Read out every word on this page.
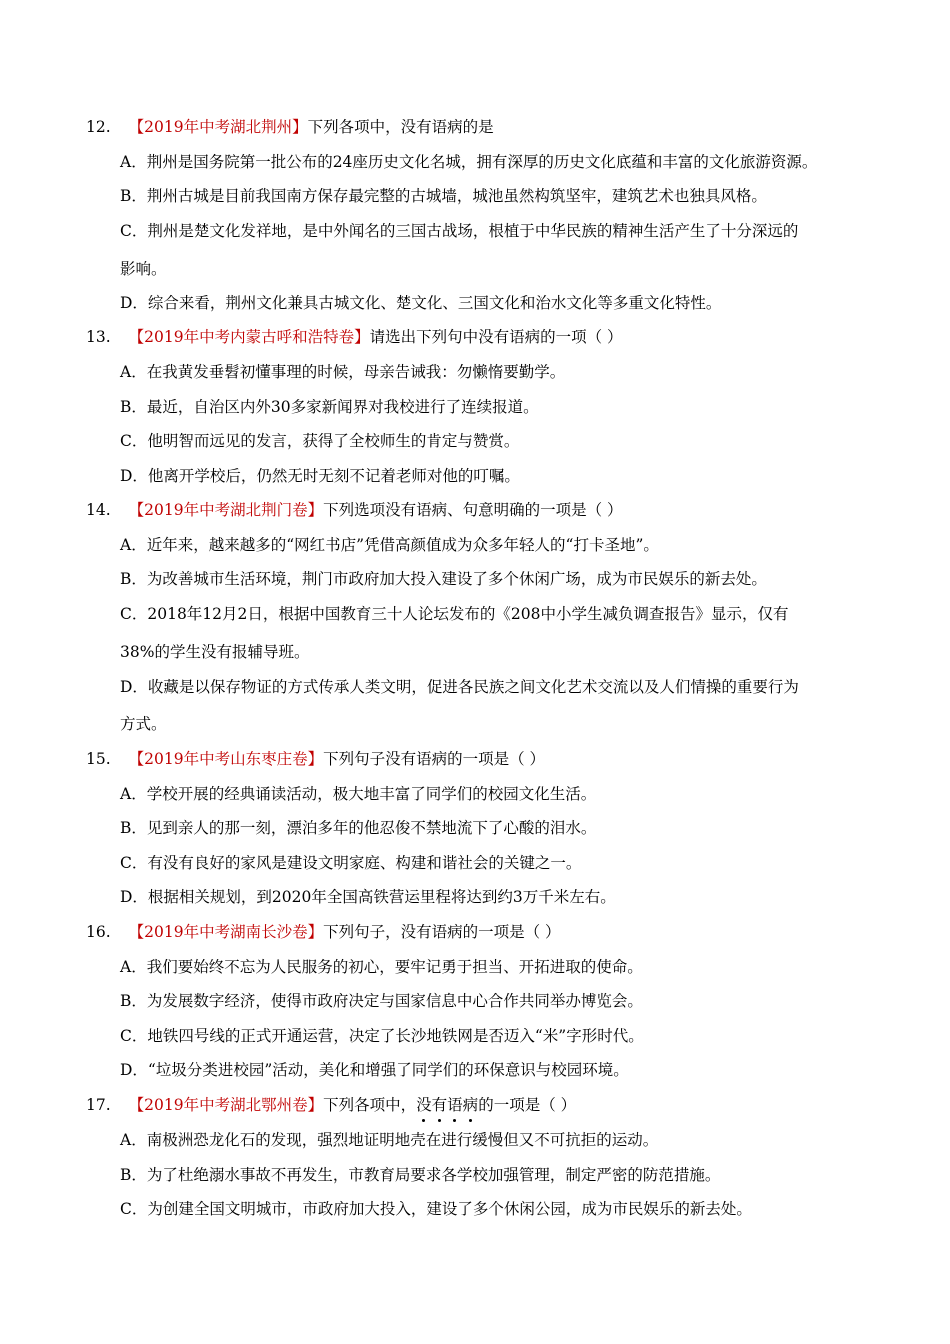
12. 【2019年中考湖北荆州】下列各项中，没有语病的是
A．荆州是国务院第一批公布的24座历史文化名城，拥有深厚的历史文化底蕴和丰富的文化旅游资源。
B．荆州古城是目前我国南方保存最完整的古城墙，城池虽然构筑坚牢，建筑艺术也独具风格。
C．荆州是楚文化发祥地，是中外闻名的三国古战场，根植于中华民族的精神生活产生了十分深远的
影响。
D．综合来看，荆州文化兼具古城文化、楚文化、三国文化和治水文化等多重文化特性。
13. 【2019年中考内蒙古呼和浩特卷】请选出下列句中没有语病的一项（ ）
A．在我黄发垂髫初懂事理的时候，母亲告诫我：勿懒惰要勤学。
B．最近，自治区内外30多家新闻界对我校进行了连续报道。
C．他明智而远见的发言，获得了全校师生的肯定与赞赏。
D．他离开学校后，仍然无时无刻不记着老师对他的叮嘱。
14. 【2019年中考湖北荆门卷】下列选项没有语病、句意明确的一项是（ ）
A．近年来，越来越多的“网红书店”凭借高颜值成为众多年轻人的“打卡圣地”。
B．为改善城市生活环境，荆门市政府加大投入建设了多个休闲广场，成为市民娱乐的新去处。
C．2018年12月2日，根据中国教育三十人论坛发布的《208中小学生减负调查报告》显示，仅有
38%的学生没有报辅导班。
D．收藏是以保存物证的方式传承人类文明，促进各民族之间文化艺术交流以及人们情操的重要行为
方式。
15. 【2019年中考山东枣庄卷】下列句子没有语病的一项是（ ）
A．学校开展的经典诵读活动，极大地丰富了同学们的校园文化生活。
B．见到亲人的那一刻，漂泊多年的他忍俊不禁地流下了心酸的泪水。
C．有没有良好的家风是建设文明家庭、构建和谐社会的关键之一。
D．根据相关规划，到2020年全国高铁营运里程将达到约3万千米左右。
16. 【2019年中考湖南长沙卷】下列句子，没有语病的一项是（ ）
A．我们要始终不忘为人民服务的初心，要牢记勇于担当、开拓进取的使命。
B．为发展数字经济，使得市政府决定与国家信息中心合作共同举办博览会。
C．地铁四号线的正式开通运营，决定了长沙地铁网是否迈入“米”字形时代。
D．“垃圾分类进校园”活动，美化和增强了同学们的环保意识与校园环境。
17. 【2019年中考湖北鄂州卷】下列各项中，没有语病的一项是（ ）
A．南极洲恐龙化石的发现，强烈地证明地壳在进行缓慢但又不可抗拒的运动。
B．为了杜绝溺水事故不再发生，市教育局要求各学校加强管理，制定严密的防范措施。
C．为创建全国文明城市，市政府加大投入，建设了多个休闲公园，成为市民娱乐的新去处。
